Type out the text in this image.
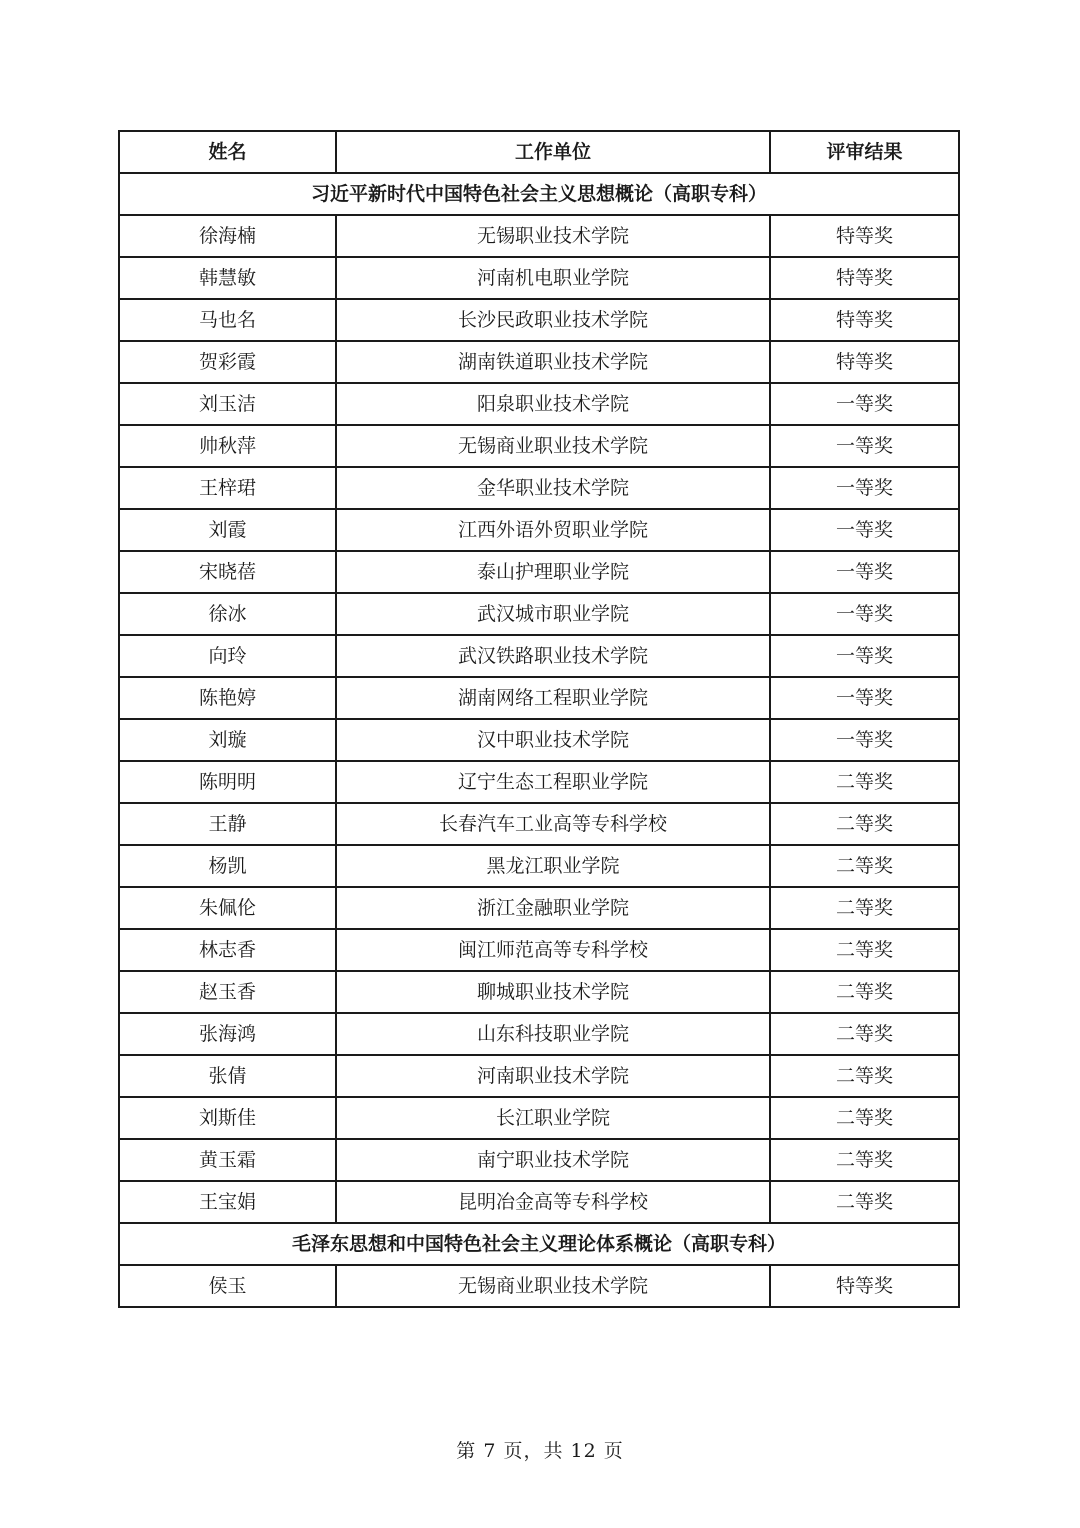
姓名	工作单位	评审结果
习近平新时代中国特色社会主义思想概论（高职专科）		
徐海楠	无锡职业技术学院	特等奖
韩慧敏	河南机电职业学院	特等奖
马也名	长沙民政职业技术学院	特等奖
贺彩霞	湖南铁道职业技术学院	特等奖
刘玉洁	阳泉职业技术学院	一等奖
帅秋萍	无锡商业职业技术学院	一等奖
王梓珺	金华职业技术学院	一等奖
刘霞	江西外语外贸职业学院	一等奖
宋晓蓓	泰山护理职业学院	一等奖
徐冰	武汉城市职业学院	一等奖
向玲	武汉铁路职业技术学院	一等奖
陈艳婷	湖南网络工程职业学院	一等奖
刘璇	汉中职业技术学院	一等奖
陈明明	辽宁生态工程职业学院	二等奖
王静	长春汽车工业高等专科学校	二等奖
杨凯	黑龙江职业学院	二等奖
朱佩伦	浙江金融职业学院	二等奖
林志香	闽江师范高等专科学校	二等奖
赵玉香	聊城职业技术学院	二等奖
张海鸿	山东科技职业学院	二等奖
张倩	河南职业技术学院	二等奖
刘斯佳	长江职业学院	二等奖
黄玉霜	南宁职业技术学院	二等奖
王宝娟	昆明冶金高等专科学校	二等奖
毛泽东思想和中国特色社会主义理论体系概论（高职专科）		
侯玉	无锡商业职业技术学院	特等奖
第 7 页，共 12 页
